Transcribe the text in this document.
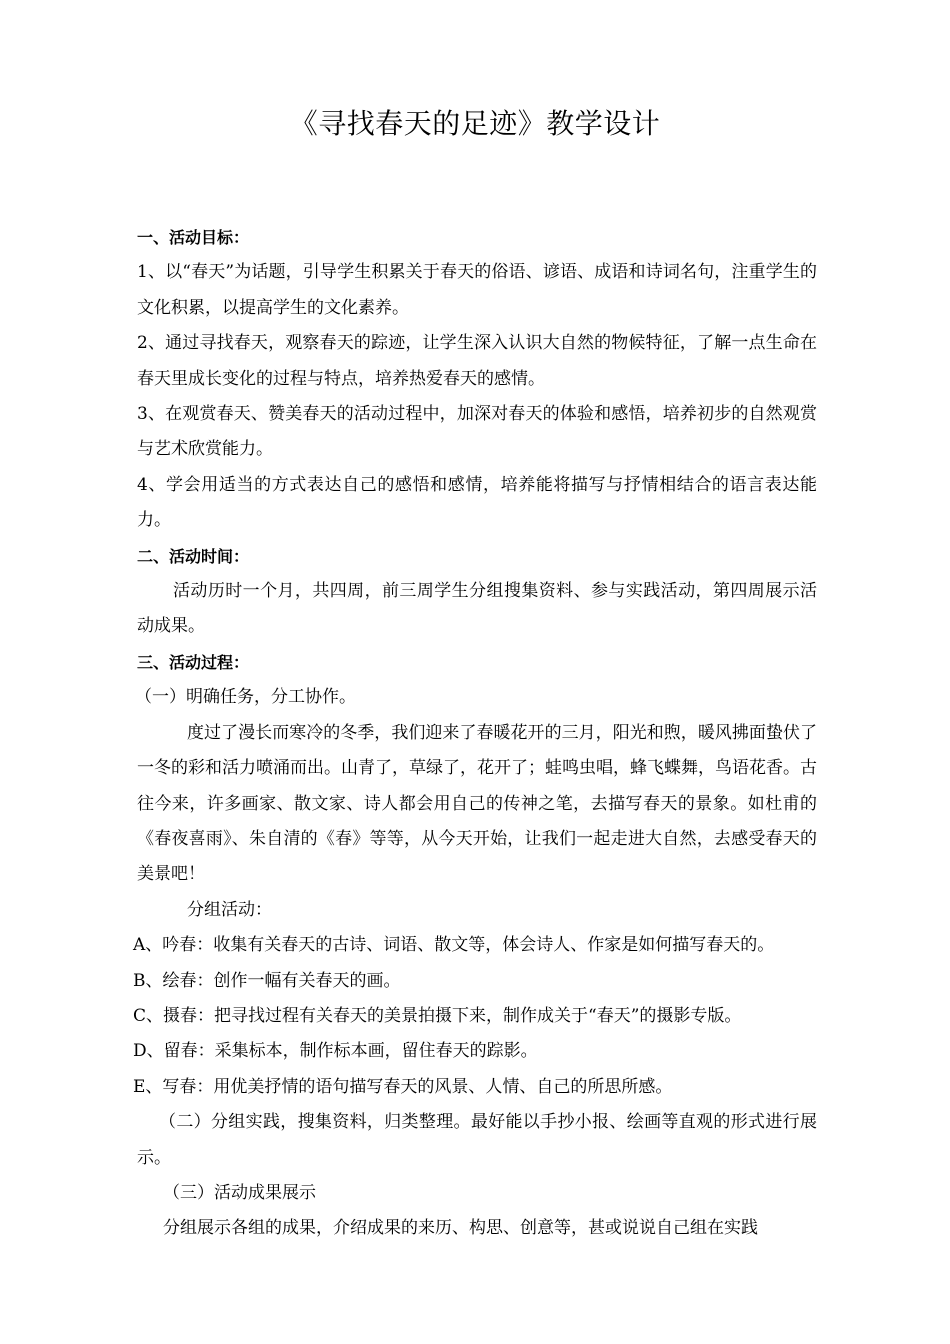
《寻找春天的足迹》教学设计

一、活动目标：

1、以“春天”为话题，引导学生积累关于春天的俗语、谚语、成语和诗词名句，注重学生的文化积累，以提高学生的文化素养。

2、通过寻找春天，观察春天的踪迹，让学生深入认识大自然的物候特征，了解一点生命在春天里成长变化的过程与特点，培养热爱春天的感情。

3、在观赏春天、赞美春天的活动过程中，加深对春天的体验和感悟，培养初步的自然观赏与艺术欣赏能力。

4、学会用适当的方式表达自己的感悟和感情，培养能将描写与抒情相结合的语言表达能力。

二、活动时间：

活动历时一个月，共四周，前三周学生分组搜集资料、参与实践活动，第四周展示活动成果。

三、活动过程：

（一）明确任务，分工协作。

度过了漫长而寒冷的冬季，我们迎来了春暖花开的三月，阳光和煦，暖风拂面蛰伏了一冬的彩和活力喷涌而出。山青了，草绿了，花开了；蛙鸣虫唱，蜂飞蝶舞，鸟语花香。古往今来，许多画家、散文家、诗人都会用自己的传神之笔，去描写春天的景象。如杜甫的《春夜喜雨》、朱自清的《春》等等，从今天开始，让我们一起走进大自然，去感受春天的美景吧！

分组活动：

A、吟春：收集有关春天的古诗、词语、散文等，体会诗人、作家是如何描写春天的。

B、绘春：创作一幅有关春天的画。

C、摄春：把寻找过程有关春天的美景拍摄下来，制作成关于“春天”的摄影专版。

D、留春：采集标本，制作标本画，留住春天的踪影。

E、写春：用优美抒情的语句描写春天的风景、人情、自己的所思所感。

（二）分组实践，搜集资料，归类整理。最好能以手抄小报、绘画等直观的形式进行展示。

（三）活动成果展示

分组展示各组的成果，介绍成果的来历、构思、创意等，甚或说说自己组在实践
